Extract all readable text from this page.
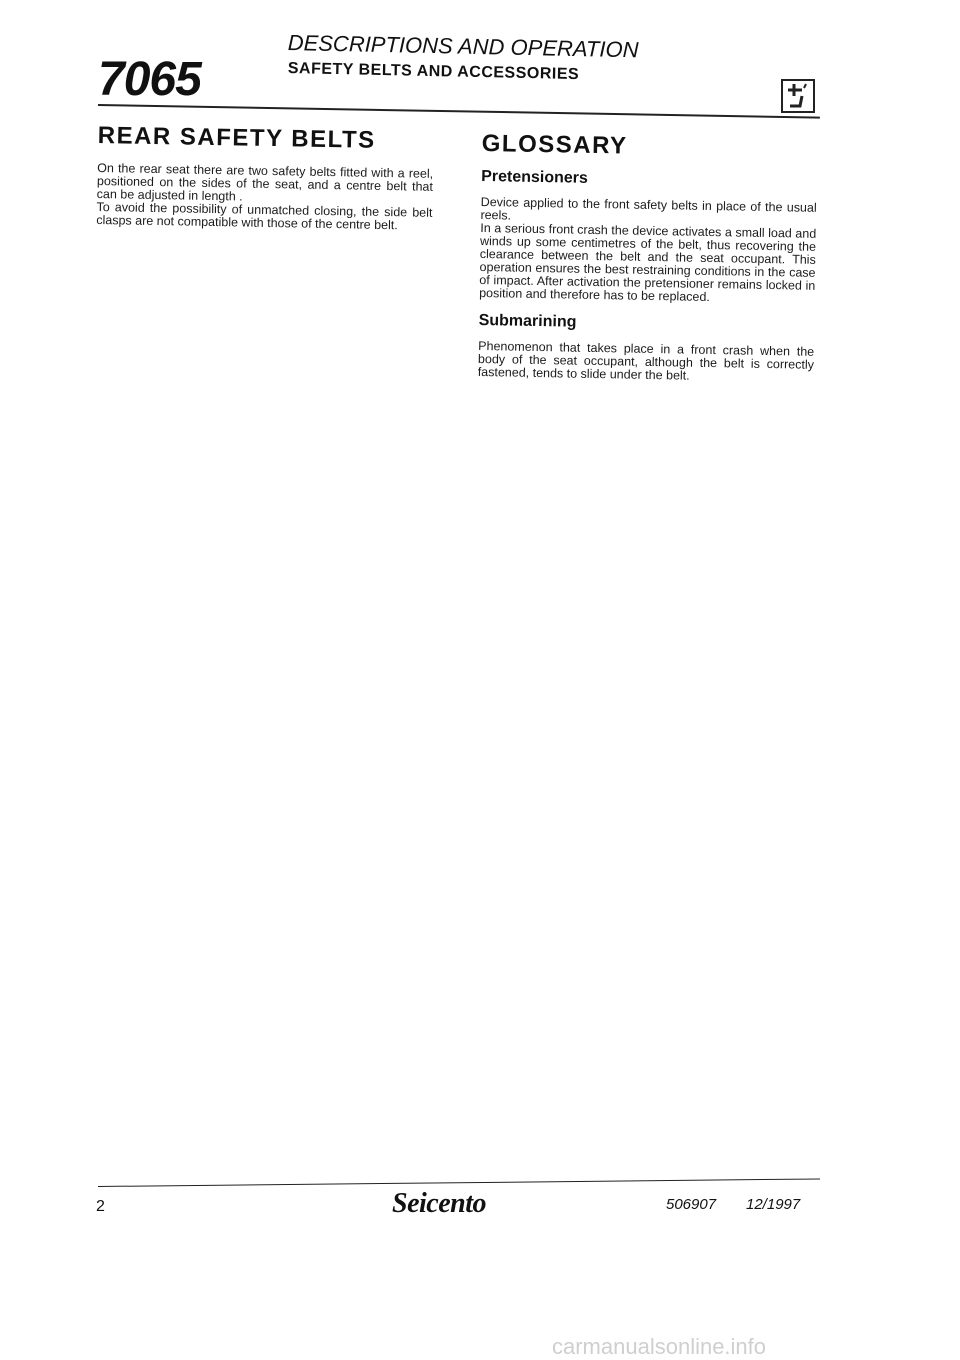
7065
DESCRIPTIONS AND OPERATION
SAFETY BELTS AND ACCESSORIES
REAR SAFETY BELTS

On the rear seat there are two safety belts fitted with a reel, positioned on the sides of the seat, and a centre belt that can be adjusted in length .

To avoid the possibility of unmatched closing, the side belt clasps are not compatible with those of the centre belt.

GLOSSARY
Pretensioners

Device applied to the front safety belts in place of the usual reels.

In a serious front crash the device activates a small load and winds up some centimetres of the belt, thus recovering the clearance between the belt and the seat occupant. This operation ensures the best restraining conditions in the case of impact. After activation the pretensioner remains locked in position and therefore has to be replaced.

Submarining

Phenomenon that takes place in a front crash when the body of the seat occupant, although the belt is correctly fastened, tends to slide under the belt.

2	Seicento	506907 12/1997
carmanualsonline.info
